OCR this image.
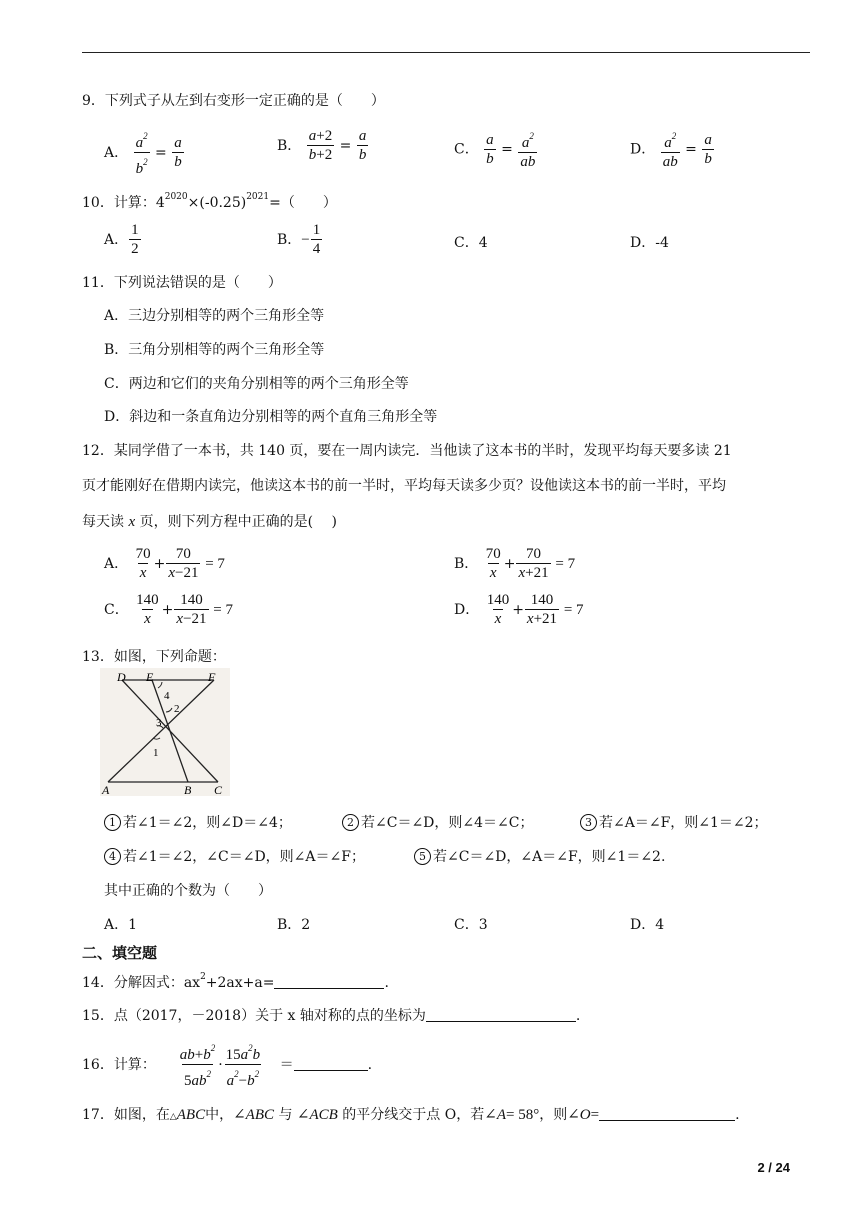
9．下列式子从左到右变形一定正确的是（　　）
A． $\frac{a^2}{b^2} = \frac{a}{b}$	B． $\frac{a+2}{b+2} = \frac{a}{b}$	C． $\frac{a}{b} = \frac{a^2}{ab}$	D． $\frac{a^2}{ab} = \frac{a}{b}$
10．计算：$4^{2020}\times(-0.25)^{2021}=$（　　）
A． $\frac{1}{2}$	B．− $\frac{1}{4}$	C．4	D．-4
11．下列说法错误的是（　　）
A．三边分别相等的两个三角形全等
B．三角分别相等的两个三角形全等
C．两边和它们的夹角分别相等的两个三角形全等
D．斜边和一条直角边分别相等的两个直角三角形全等
12．某同学借了一本书，共 140 页，要在一周内读完．当他读了这本书的半时，发现平均每天要多读 21
页才能刚好在借期内读完，他读这本书的前一半时，平均每天读多少页？设他读这本书的前一半时，平均
每天读 x 页，则下列方程中正确的是(　 )
A． $\frac{70}{x} + \frac{70}{x-21} = 7$	B． $\frac{70}{x} + \frac{70}{x+21} = 7$
C． $\frac{140}{x} + \frac{140}{x-21} = 7$	D． $\frac{140}{x} + \frac{140}{x+21} = 7$
13．如图，下列命题：
D E	F
A	B C
4
2
3
1
1 若∠1＝∠2，则∠D＝∠4；	2 若∠C＝∠D，则∠4＝∠C；	3 若∠A＝∠F，则∠1＝∠2；
4 若∠1＝∠2，∠C＝∠D，则∠A＝∠F；	5 若∠C＝∠D，∠A＝∠F，则∠1＝∠2.
其中正确的个数为（　　）
A．1	B．2	C．3	D．4
二、填空题
14．分解因式：$ax^2+2ax+a=$	.
15．点（2017，－2018）关于 x 轴对称的点的坐标为	.
16．计算： $\frac{ab+b^2}{5ab^2} \cdot \frac{15a^2b}{a^2-b^2}$ ＝	.
17．如图，在△ABC中，∠ABC 与 ∠ACB 的平分线交于点 O，若∠A= 58°，则∠O=	.
2 / 24
